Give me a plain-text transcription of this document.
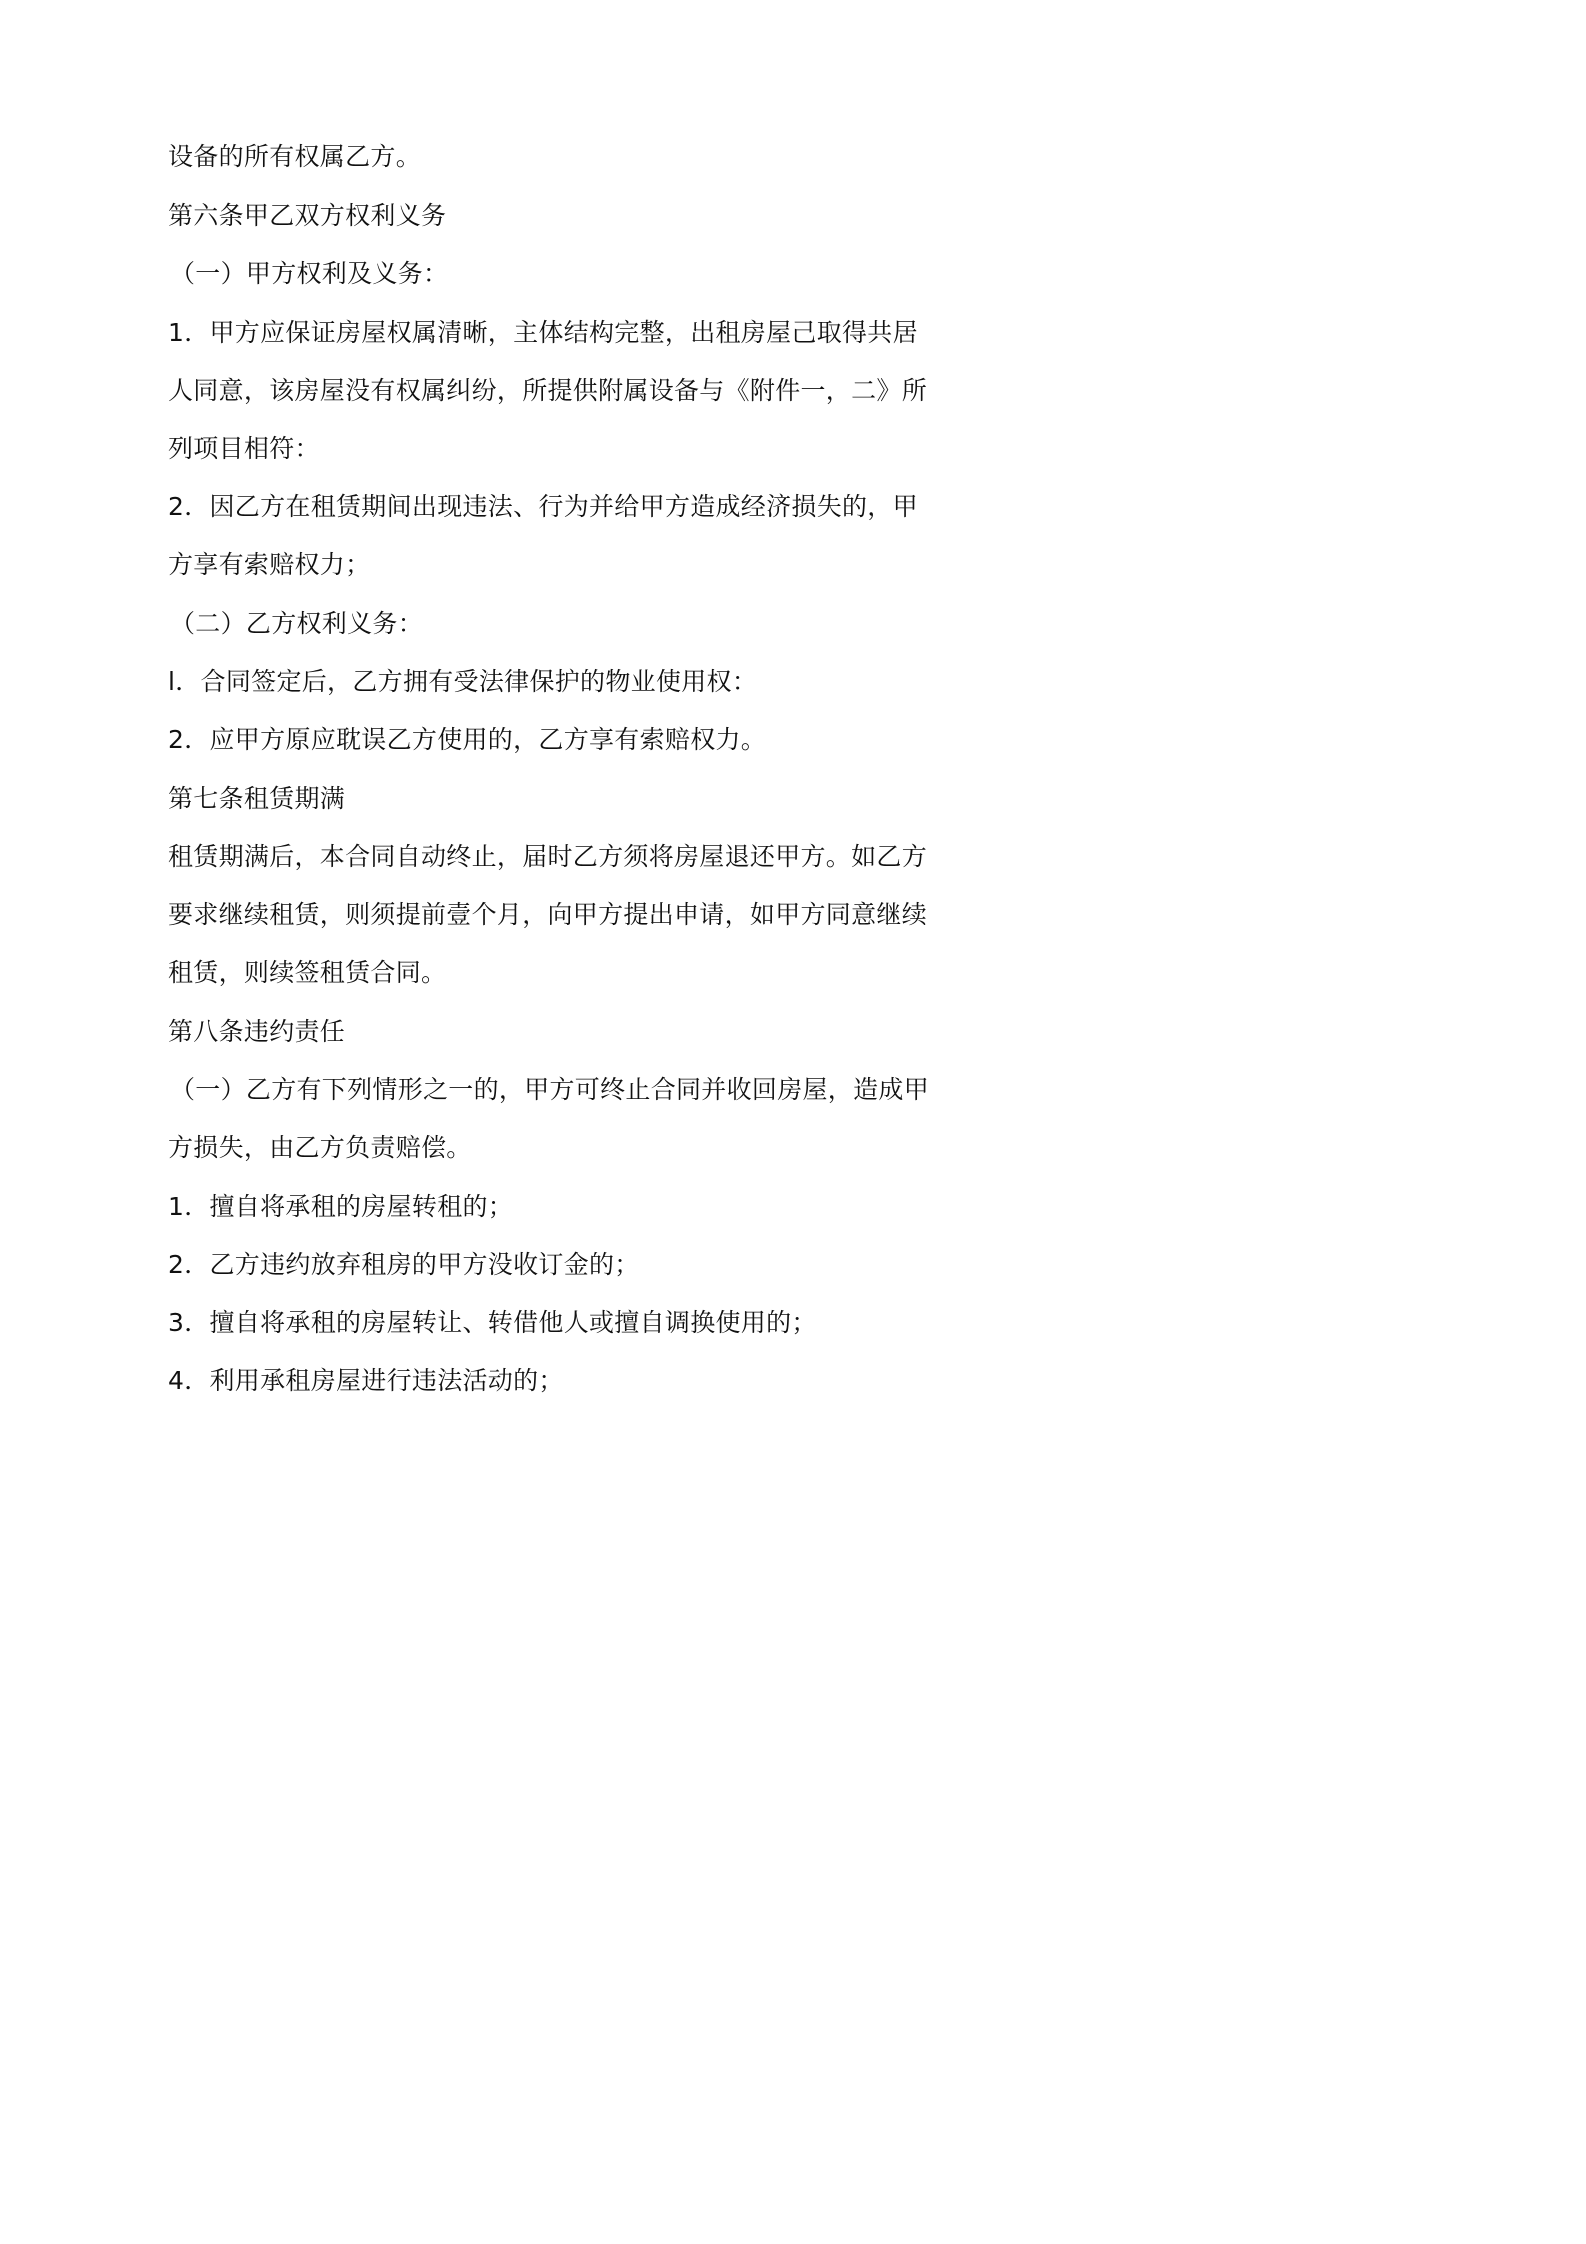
设备的所有权属乙方。

第六条甲乙双方权利义务

（一）甲方权利及义务：

1．甲方应保证房屋权属清晰，主体结构完整，出租房屋己取得共居

人同意，该房屋没有权属纠纷，所提供附属设备与《附件一，二》所

列项目相符：

2．因乙方在租赁期间出现违法、行为并给甲方造成经济损失的，甲

方享有索赔权力；

（二）乙方权利义务：

l．合同签定后，乙方拥有受法律保护的物业使用权：

2．应甲方原应耽误乙方使用的，乙方享有索赔权力。

第七条租赁期满

租赁期满后，本合同自动终止，届时乙方须将房屋退还甲方。如乙方

要求继续租赁，则须提前壹个月，向甲方提出申请，如甲方同意继续

租赁，则续签租赁合同。

第八条违约责任

（一）乙方有下列情形之一的，甲方可终止合同并收回房屋，造成甲

方损失，由乙方负责赔偿。

1．擅自将承租的房屋转租的；

2．乙方违约放弃租房的甲方没收订金的；

3．擅自将承租的房屋转让、转借他人或擅自调换使用的；

4．利用承租房屋进行违法活动的；
